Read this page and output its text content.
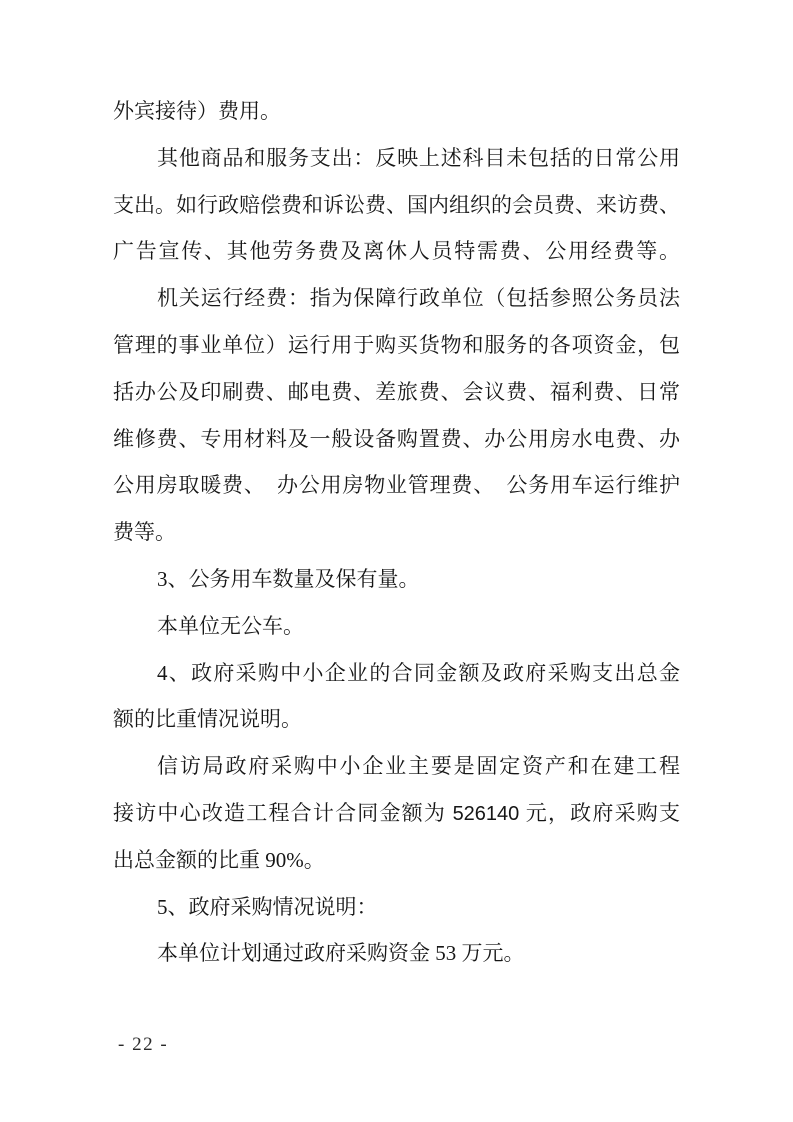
外宾接待）费用。
其他商品和服务支出：反映上述科目未包括的日常公用
支出。如行政赔偿费和诉讼费、国内组织的会员费、来访费、
广告宣传、其他劳务费及离休人员特需费、公用经费等。
机关运行经费：指为保障行政单位（包括参照公务员法
管理的事业单位）运行用于购买货物和服务的各项资金，包
括办公及印刷费、邮电费、差旅费、会议费、福利费、日常
维修费、专用材料及一般设备购置费、办公用房水电费、办
公用房取暖费、　办公用房物业管理费、　公务用车运行维护
费等。
3、公务用车数量及保有量。
本单位无公车。
4、政府采购中小企业的合同金额及政府采购支出总金
额的比重情况说明。
信访局政府采购中小企业主要是固定资产和在建工程
接访中心改造工程合计合同金额为 526140 元，政府采购支
出总金额的比重 90%。
5、政府采购情况说明：
本单位计划通过政府采购资金 53 万元。
- 22 -
